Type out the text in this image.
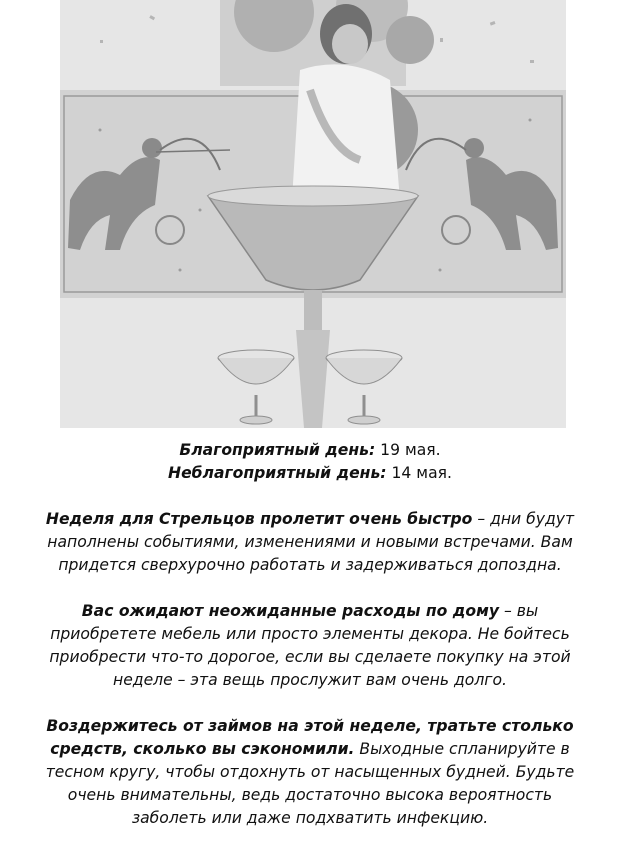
Благоприятный день: 19 мая.

Неблагоприятный день: 14 мая.

Неделя для Стрельцов пролетит очень быстро – дни будут наполнены событиями, изменениями и новыми встречами. Вам придется сверхурочно работать и задерживаться допоздна.

Вас ожидают неожиданные расходы по дому – вы приобретете мебель или просто элементы декора. Не бойтесь приобрести что-то дорогое, если вы сделаете покупку на этой неделе – эта вещь прослужит вам очень долго.

Воздержитесь от займов на этой неделе, тратьте столько средств, сколько вы сэкономили. Выходные спланируйте в тесном кругу, чтобы отдохнуть от насыщенных будней. Будьте очень внимательны, ведь достаточно высока вероятность заболеть или даже подхватить инфекцию.
